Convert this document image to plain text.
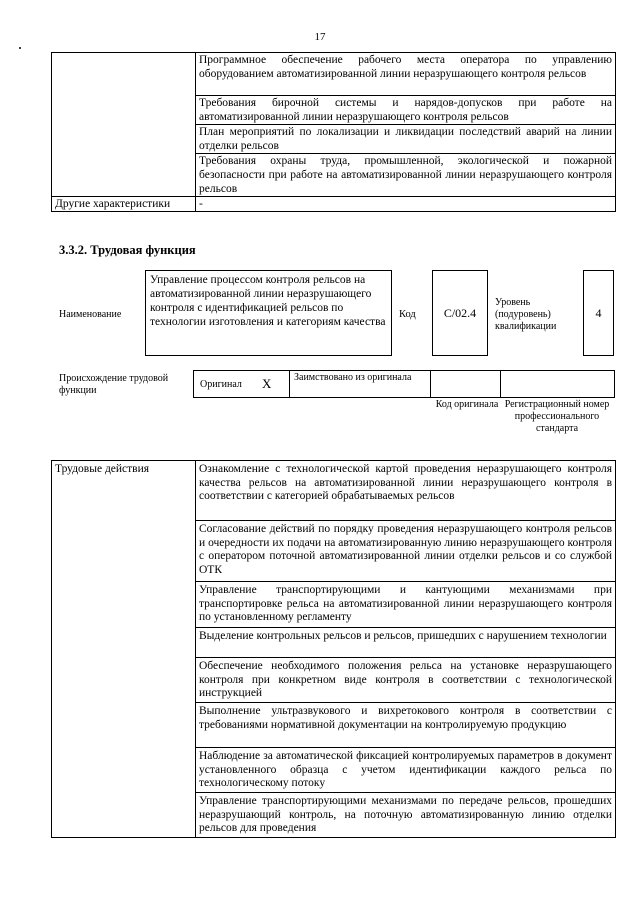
17
	Программное обеспечение рабочего места оператора по управлению оборудованием автоматизированной линии неразрушающего контроля рельсов
	Требования бирочной системы и нарядов-допусков при работе на автоматизированной линии неразрушающего контроля рельсов
	План мероприятий по локализации и ликвидации последствий аварий на линии отделки рельсов
	Требования охраны труда, промышленной, экологической и пожарной безопасности при работе на автоматизированной линии неразрушающего контроля рельсов
Другие характеристики	-
3.3.2. Трудовая функция
Наименование
Управление процессом контроля рельсов на автоматизированной линии неразрушающего контроля с идентификацией рельсов по технологии изготовления и категориям качества
Код	С/02.4
Уровень (подуровень) квалификации
4
Происхождение трудовой функции
Оригинал X	Заимствовано из оригинала
Код оригинала Регистрационный номер профессионального стандарта
Трудовые действия	Ознакомление с технологической картой проведения неразрушающего контроля качества рельсов на автоматизированной линии неразрушающего контроля в соответствии с категорией обрабатываемых рельсов
Согласование действий по порядку проведения неразрушающего контроля рельсов и очередности их подачи на автоматизированную линию неразрушающего контроля с оператором поточной автоматизированной линии отделки рельсов и со службой ОТК
Управление транспортирующими и кантующими механизмами при транспортировке рельса на автоматизированной линии неразрушающего контроля по установленному регламенту
Выделение контрольных рельсов и рельсов, пришедших с нарушением технологии
Обеспечение необходимого положения рельса на установке неразрушающего контроля при конкретном виде контроля в соответствии с технологической инструкцией
Выполнение ультразвукового и вихретокового контроля в соответствии с требованиями нормативной документации на контролируемую продукцию
Наблюдение за автоматической фиксацией контролируемых параметров в документ установленного образца с учетом идентификации каждого рельса по технологическому потоку
Управление транспортирующими механизмами по передаче рельсов, прошедших неразрушающий контроль, на поточную автоматизированную линию отделки рельсов для проведения
